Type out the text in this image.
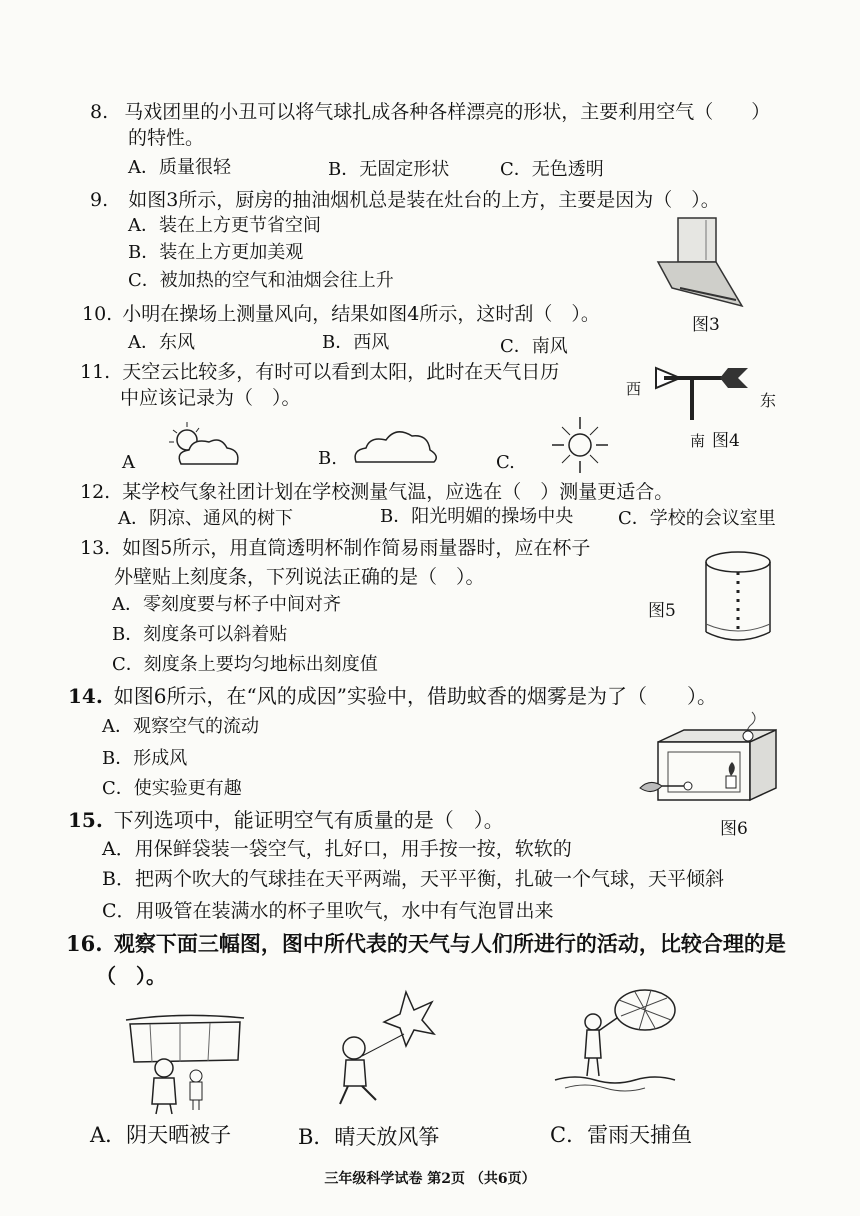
8. 马戏团里的小丑可以将气球扎成各种各样漂亮的形状，主要利用空气（　　）
的特性。
A．质量很轻	B．无固定形状	C．无色透明
9. 如图3所示，厨房的抽油烟机总是装在灶台的上方，主要是因为（　）。
A．装在上方更节省空间
B．装在上方更加美观
C．被加热的空气和油烟会往上升
图3
10. 小明在操场上测量风向，结果如图4所示，这时刮（　）。
A．东风	B．西风	C．南风
11. 天空云比较多，有时可以看到太阳，此时在天气日历
中应该记录为（　）。	西
东
南 图4
A	B.	C.
12. 某学校气象社团计划在学校测量气温，应选在（　）测量更适合。
A．阴凉、通风的树下	B．阳光明媚的操场中央 C．学校的会议室里
13. 如图5所示，用直筒透明杯制作简易雨量器时，应在杯子
外壁贴上刻度条，下列说法正确的是（　）。
A．零刻度要与杯子中间对齐
B．刻度条可以斜着贴
C．刻度条上要均匀地标出刻度值
图5
14. 如图6所示，在“风的成因”实验中，借助蚊香的烟雾是为了（　　）。
A．观察空气的流动
B．形成风
C．使实验更有趣
图6
15. 下列选项中，能证明空气有质量的是（　）。
A．用保鲜袋装一袋空气，扎好口，用手按一按，软软的
B．把两个吹大的气球挂在天平两端，天平平衡，扎破一个气球，天平倾斜
C．用吸管在装满水的杯子里吹气，水中有气泡冒出来
16. 观察下面三幅图，图中所代表的天气与人们所进行的活动，比较合理的是
（　）。
A．阴天晒被子	B．晴天放风筝	C．雷雨天捕鱼
三年级科学试卷 第2页 （共6页）
